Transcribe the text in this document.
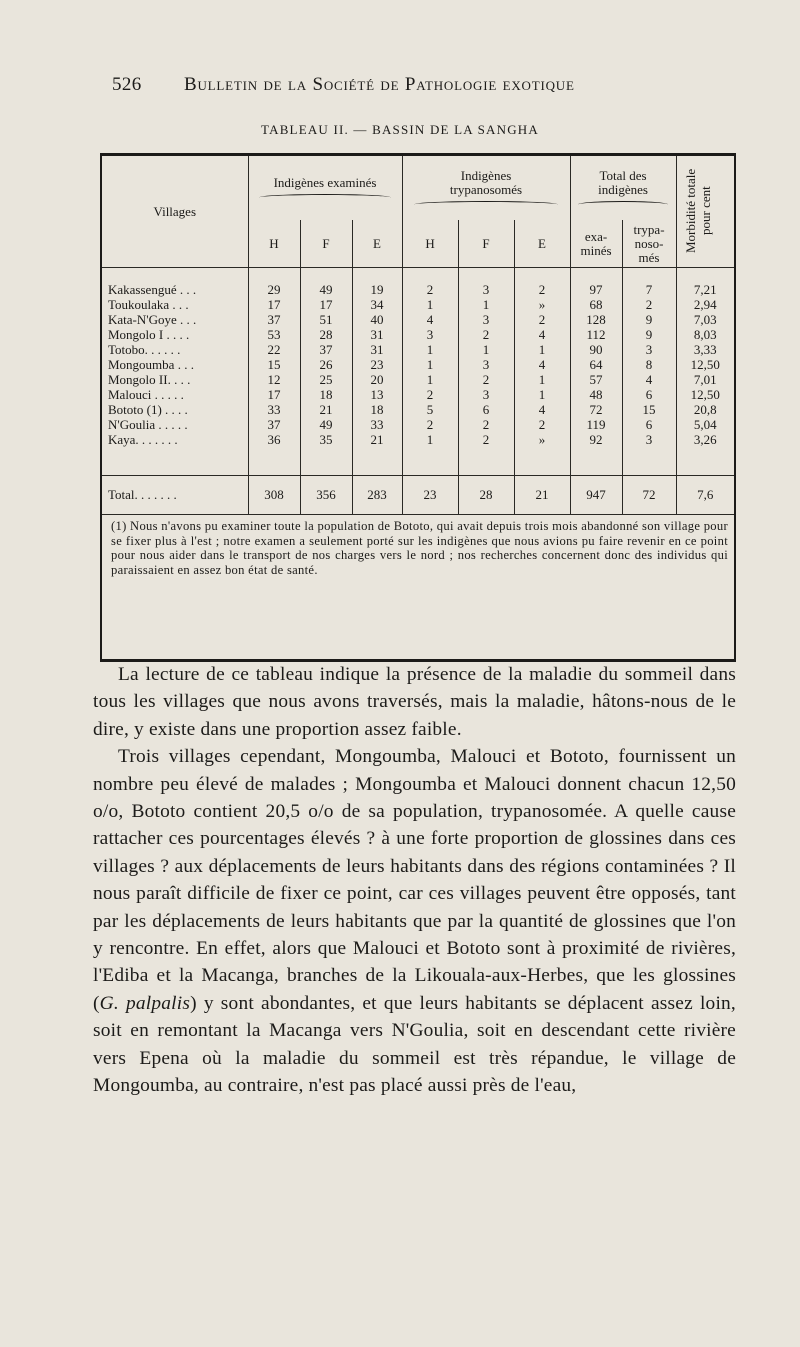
526 Bulletin de la Société de Pathologie exotique
TABLEAU II. — BASSIN DE LA SANGHA
Villages	Indigènes examinés			Indigènes trypanosomés			Total des indigènes		Morbidité totale pour cent
	H	F	E	H	F	E	exa-minés	trypa-noso-més	

Kakassengué . . .	29	49	19	2	3	2	97	7	7,21
Toukoulaka . . .	17	17	34	1	1	»	68	2	2,94
Kata-N'Goye . . .	37	51	40	4	3	2	128	9	7,03
Mongolo I . . . .	53	28	31	3	2	4	112	9	8,03
Totobo. . . . . .	22	37	31	1	1	1	90	3	3,33
Mongoumba . . .	15	26	23	1	3	4	64	8	12,50
Mongolo II. . . .	12	25	20	1	2	1	57	4	7,01
Malouci . . . . .	17	18	13	2	3	1	48	6	12,50
Bototo (1) . . . .	33	21	18	5	6	4	72	15	20,8
N'Goulia . . . . .	37	49	33	2	2	2	119	6	5,04
Kaya. . . . . . .	36	35	21	1	2	»	92	3	3,26

Total. . . . . . .	308	356	283	23	28	21	947	72	7,6
(1) Nous n'avons pu examiner toute la population de Bototo, qui avait depuis trois mois abandonné son village pour se fixer plus à l'est ; notre examen a seulement porté sur les indigènes que nous avions pu faire revenir en ce point pour nous aider dans le transport de nos charges vers le nord ; nos recherches concernent donc des individus qui paraissaient en assez bon état de santé.

La lecture de ce tableau indique la présence de la maladie du sommeil dans tous les villages que nous avons traversés, mais la maladie, hâtons-nous de le dire, y existe dans une proportion assez faible.

Trois villages cependant, Mongoumba, Malouci et Bototo, fournissent un nombre peu élevé de malades ; Mongoumba et Malouci donnent chacun 12,50 o/o, Bototo contient 20,5 o/o de sa population, trypanosomée. A quelle cause rattacher ces pourcentages élevés ? à une forte proportion de glossines dans ces villages ? aux déplacements de leurs habitants dans des régions contaminées ? Il nous paraît difficile de fixer ce point, car ces villages peuvent être opposés, tant par les déplacements de leurs habitants que par la quantité de glossines que l'on y rencontre. En effet, alors que Malouci et Bototo sont à proximité de rivières, l'Ediba et la Macanga, branches de la Likouala-aux-Herbes, que les glossines (G. palpalis) y sont abondantes, et que leurs habitants se déplacent assez loin, soit en remontant la Macanga vers N'Goulia, soit en descendant cette rivière vers Epena où la maladie du sommeil est très répandue, le village de Mongoumba, au contraire, n'est pas placé aussi près de l'eau,
